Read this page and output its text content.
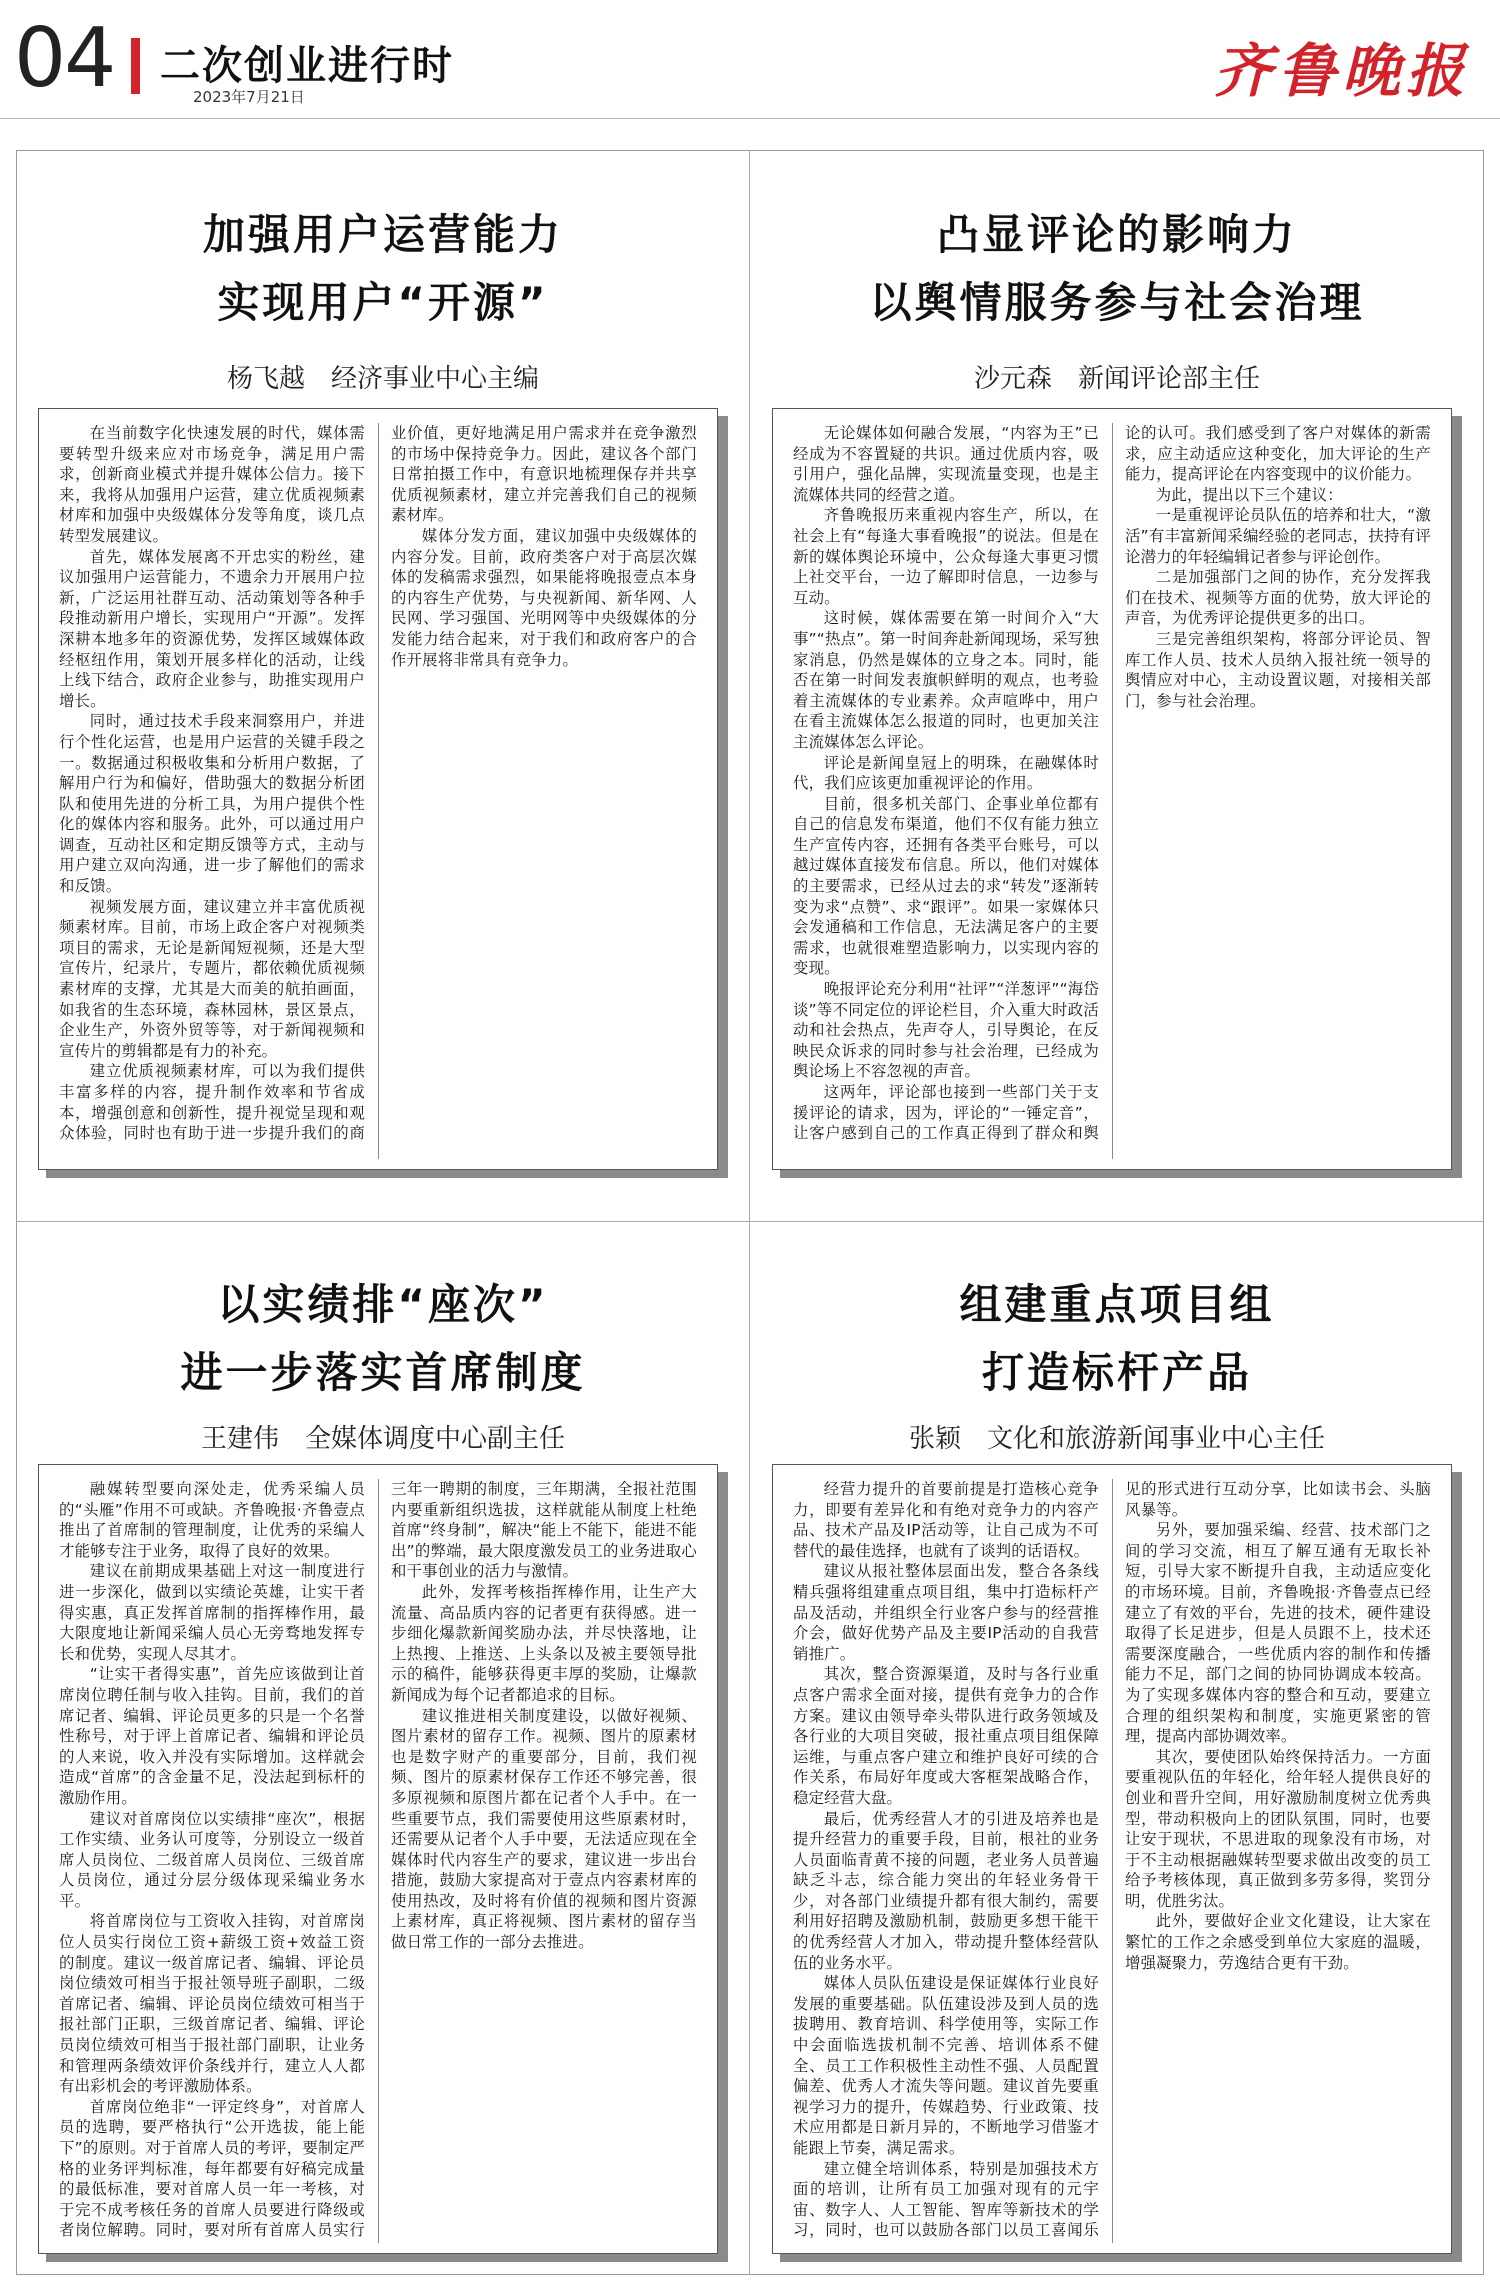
04 二次创业进行时
2023年7月21日	齐鲁晚报
加强用户运营能力
实现用户“开源”
杨飞越　经济事业中心主编

在当前数字化快速发展的时代，媒体需要转型升级来应对市场竞争，满足用户需求，创新商业模式并提升媒体公信力。接下来，我将从加强用户运营，建立优质视频素材库和加强中央级媒体分发等角度，谈几点转型发展建议。

首先，媒体发展离不开忠实的粉丝，建议加强用户运营能力，不遗余力开展用户拉新，广泛运用社群互动、活动策划等各种手段推动新用户增长，实现用户“开源”。发挥深耕本地多年的资源优势，发挥区域媒体政经枢纽作用，策划开展多样化的活动，让线上线下结合，政府企业参与，助推实现用户增长。

同时，通过技术手段来洞察用户，并进行个性化运营，也是用户运营的关键手段之一。数据通过积极收集和分析用户数据，了解用户行为和偏好，借助强大的数据分析团队和使用先进的分析工具，为用户提供个性化的媒体内容和服务。此外，可以通过用户调查，互动社区和定期反馈等方式，主动与用户建立双向沟通，进一步了解他们的需求和反馈。

视频发展方面，建议建立并丰富优质视频素材库。目前，市场上政企客户对视频类项目的需求，无论是新闻短视频，还是大型宣传片，纪录片，专题片，都依赖优质视频素材库的支撑，尤其是大而美的航拍画面，如我省的生态环境，森林园林，景区景点，企业生产，外资外贸等等，对于新闻视频和宣传片的剪辑都是有力的补充。

建立优质视频素材库，可以为我们提供丰富多样的内容，提升制作效率和节省成本，增强创意和创新性，提升视觉呈现和观众体验，同时也有助于进一步提升我们的商业价值，更好地满足用户需求并在竞争激烈的市场中保持竞争力。因此，建议各个部门日常拍摄工作中，有意识地梳理保存并共享优质视频素材，建立并完善我们自己的视频素材库。

媒体分发方面，建议加强中央级媒体的内容分发。目前，政府类客户对于高层次媒体的发稿需求强烈，如果能将晚报壹点本身的内容生产优势，与央视新闻、新华网、人民网、学习强国、光明网等中央级媒体的分发能力结合起来，对于我们和政府客户的合作开展将非常具有竞争力。

凸显评论的影响力
以舆情服务参与社会治理
沙元森　新闻评论部主任

无论媒体如何融合发展，“内容为王”已经成为不容置疑的共识。通过优质内容，吸引用户，强化品牌，实现流量变现，也是主流媒体共同的经营之道。

齐鲁晚报历来重视内容生产，所以，在社会上有“每逢大事看晚报”的说法。但是在新的媒体舆论环境中，公众每逢大事更习惯上社交平台，一边了解即时信息，一边参与互动。

这时候，媒体需要在第一时间介入“大事”“热点”。第一时间奔赴新闻现场，采写独家消息，仍然是媒体的立身之本。同时，能否在第一时间发表旗帜鲜明的观点，也考验着主流媒体的专业素养。众声喧哗中，用户在看主流媒体怎么报道的同时，也更加关注主流媒体怎么评论。

评论是新闻皇冠上的明珠，在融媒体时代，我们应该更加重视评论的作用。

目前，很多机关部门、企事业单位都有自己的信息发布渠道，他们不仅有能力独立生产宣传内容，还拥有各类平台账号，可以越过媒体直接发布信息。所以，他们对媒体的主要需求，已经从过去的求“转发”逐渐转变为求“点赞”、求“跟评”。如果一家媒体只会发通稿和工作信息，无法满足客户的主要需求，也就很难塑造影响力，以实现内容的变现。

晚报评论充分利用“社评”“洋葱评”“海岱谈”等不同定位的评论栏目，介入重大时政活动和社会热点，先声夺人，引导舆论，在反映民众诉求的同时参与社会治理，已经成为舆论场上不容忽视的声音。

这两年，评论部也接到一些部门关于支援评论的请求，因为，评论的“一锤定音”，让客户感到自己的工作真正得到了群众和舆论的认可。我们感受到了客户对媒体的新需求，应主动适应这种变化，加大评论的生产能力，提高评论在内容变现中的议价能力。

为此，提出以下三个建议：

一是重视评论员队伍的培养和壮大，“激活”有丰富新闻采编经验的老同志，扶持有评论潜力的年轻编辑记者参与评论创作。

二是加强部门之间的协作，充分发挥我们在技术、视频等方面的优势，放大评论的声音，为优秀评论提供更多的出口。

三是完善组织架构，将部分评论员、智库工作人员、技术人员纳入报社统一领导的舆情应对中心，主动设置议题，对接相关部门，参与社会治理。

以实绩排“座次”
进一步落实首席制度
王建伟　全媒体调度中心副主任

融媒转型要向深处走，优秀采编人员的“头雁”作用不可或缺。齐鲁晚报·齐鲁壹点推出了首席制的管理制度，让优秀的采编人才能够专注于业务，取得了良好的效果。

建议在前期成果基础上对这一制度进行进一步深化，做到以实绩论英雄，让实干者得实惠，真正发挥首席制的指挥棒作用，最大限度地让新闻采编人员心无旁骛地发挥专长和优势，实现人尽其才。

“让实干者得实惠”，首先应该做到让首席岗位聘任制与收入挂钩。目前，我们的首席记者、编辑、评论员更多的只是一个名誉性称号，对于评上首席记者、编辑和评论员的人来说，收入并没有实际增加。这样就会造成“首席”的含金量不足，没法起到标杆的激励作用。

建议对首席岗位以实绩排“座次”，根据工作实绩、业务认可度等，分别设立一级首席人员岗位、二级首席人员岗位、三级首席人员岗位，通过分层分级体现采编业务水平。

将首席岗位与工资收入挂钩，对首席岗位人员实行岗位工资+薪级工资+效益工资的制度。建议一级首席记者、编辑、评论员岗位绩效可相当于报社领导班子副职，二级首席记者、编辑、评论员岗位绩效可相当于报社部门正职，三级首席记者、编辑、评论员岗位绩效可相当于报社部门副职，让业务和管理两条绩效评价条线并行，建立人人都有出彩机会的考评激励体系。

首席岗位绝非“一评定终身”，对首席人员的选聘，要严格执行“公开选拔，能上能下”的原则。对于首席人员的考评，要制定严格的业务评判标准，每年都要有好稿完成量的最低标准，要对首席人员一年一考核，对于完不成考核任务的首席人员要进行降级或者岗位解聘。同时，要对所有首席人员实行三年一聘期的制度，三年期满，全报社范围内要重新组织选拔，这样就能从制度上杜绝首席“终身制”，解决“能上不能下，能进不能出”的弊端，最大限度激发员工的业务进取心和干事创业的活力与激情。

此外，发挥考核指挥棒作用，让生产大流量、高品质内容的记者更有获得感。进一步细化爆款新闻奖励办法，并尽快落地，让上热搜、上推送、上头条以及被主要领导批示的稿件，能够获得更丰厚的奖励，让爆款新闻成为每个记者都追求的目标。

建议推进相关制度建设，以做好视频、图片素材的留存工作。视频、图片的原素材也是数字财产的重要部分，目前，我们视频、图片的原素材保存工作还不够完善，很多原视频和原图片都在记者个人手中。在一些重要节点，我们需要使用这些原素材时，还需要从记者个人手中要，无法适应现在全媒体时代内容生产的要求，建议进一步出台措施，鼓励大家提高对于壹点内容素材库的使用热改，及时将有价值的视频和图片资源上素材库，真正将视频、图片素材的留存当做日常工作的一部分去推进。

组建重点项目组
打造标杆产品
张颖　文化和旅游新闻事业中心主任

经营力提升的首要前提是打造核心竞争力，即要有差异化和有绝对竞争力的内容产品、技术产品及IP活动等，让自己成为不可替代的最佳选择，也就有了谈判的话语权。

建议从报社整体层面出发，整合各条线精兵强将组建重点项目组，集中打造标杆产品及活动，并组织全行业客户参与的经营推介会，做好优势产品及主要IP活动的自我营销推广。

其次，整合资源渠道，及时与各行业重点客户需求全面对接，提供有竞争力的合作方案。建议由领导牵头带队进行政务领域及各行业的大项目突破，报社重点项目组保障运维，与重点客户建立和维护良好可续的合作关系，布局好年度或大客框架战略合作，稳定经营大盘。

最后，优秀经营人才的引进及培养也是提升经营力的重要手段，目前，根社的业务人员面临青黄不接的问题，老业务人员普遍缺乏斗志，综合能力突出的年轻业务骨干少，对各部门业绩提升都有很大制约，需要利用好招聘及激励机制，鼓励更多想干能干的优秀经营人才加入，带动提升整体经营队伍的业务水平。

媒体人员队伍建设是保证媒体行业良好发展的重要基础。队伍建设涉及到人员的选拔聘用、教育培训、科学使用等，实际工作中会面临选拔机制不完善、培训体系不健全、员工工作积极性主动性不强、人员配置偏差、优秀人才流失等问题。建议首先要重视学习力的提升，传媒趋势、行业政策、技术应用都是日新月异的，不断地学习借鉴才能跟上节奏，满足需求。

建立健全培训体系，特别是加强技术方面的培训，让所有员工加强对现有的元宇宙、数字人、人工智能、智库等新技术的学习，同时，也可以鼓励各部门以员工喜闻乐见的形式进行互动分享，比如读书会、头脑风暴等。

另外，要加强采编、经营、技术部门之间的学习交流，相互了解互通有无取长补短，引导大家不断提升自我，主动适应变化的市场环境。目前，齐鲁晚报·齐鲁壹点已经建立了有效的平台，先进的技术，硬件建设取得了长足进步，但是人员跟不上，技术还需要深度融合，一些优质内容的制作和传播能力不足，部门之间的协同协调成本较高。为了实现多媒体内容的整合和互动，要建立合理的组织架构和制度，实施更紧密的管理，提高内部协调效率。

其次，要使团队始终保持活力。一方面要重视队伍的年轻化，给年轻人提供良好的创业和晋升空间，用好激励制度树立优秀典型，带动积极向上的团队氛围，同时，也要让安于现状，不思进取的现象没有市场，对于不主动根据融媒转型要求做出改变的员工给予考核体现，真正做到多劳多得，奖罚分明，优胜劣汰。

此外，要做好企业文化建设，让大家在繁忙的工作之余感受到单位大家庭的温暖，增强凝聚力，劳逸结合更有干劲。
